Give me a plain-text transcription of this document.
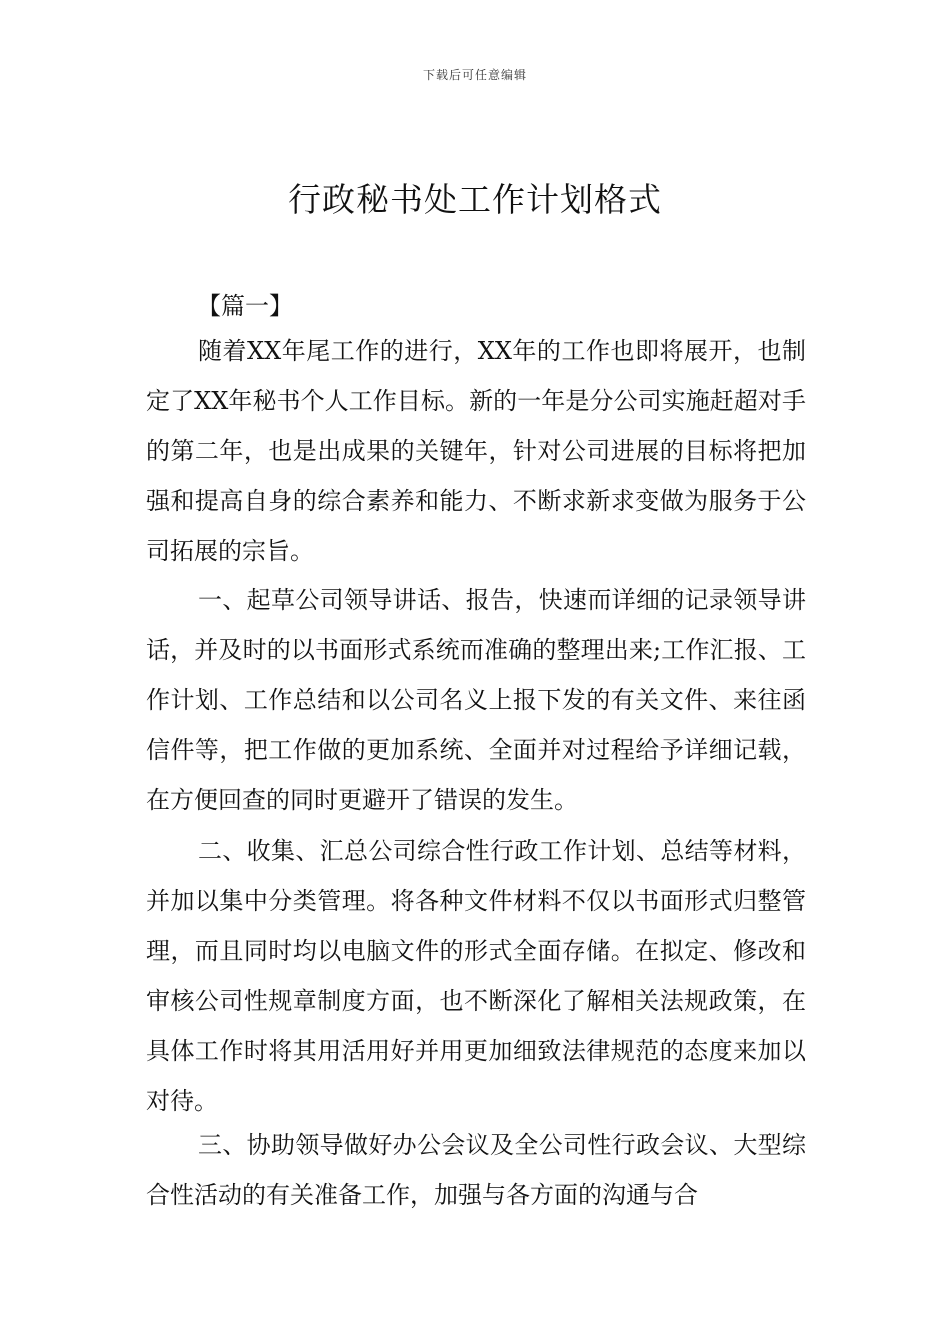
下载后可任意编辑
行政秘书处工作计划格式
【篇一】

随着XX年尾工作的进行，XX年的工作也即将展开，也制定了XX年秘书个人工作目标。新的一年是分公司实施赶超对手的第二年，也是出成果的关键年，针对公司进展的目标将把加强和提高自身的综合素养和能力、不断求新求变做为服务于公司拓展的宗旨。

一、起草公司领导讲话、报告，快速而详细的记录领导讲话，并及时的以书面形式系统而准确的整理出来;工作汇报、工作计划、工作总结和以公司名义上报下发的有关文件、来往函信件等，把工作做的更加系统、全面并对过程给予详细记载，在方便回查的同时更避开了错误的发生。

二、收集、汇总公司综合性行政工作计划、总结等材料，并加以集中分类管理。将各种文件材料不仅以书面形式归整管理，而且同时均以电脑文件的形式全面存储。在拟定、修改和审核公司性规章制度方面，也不断深化了解相关法规政策，在具体工作时将其用活用好并用更加细致法律规范的态度来加以对待。

三、协助领导做好办公会议及全公司性行政会议、大型综合性活动的有关准备工作，加强与各方面的沟通与合
